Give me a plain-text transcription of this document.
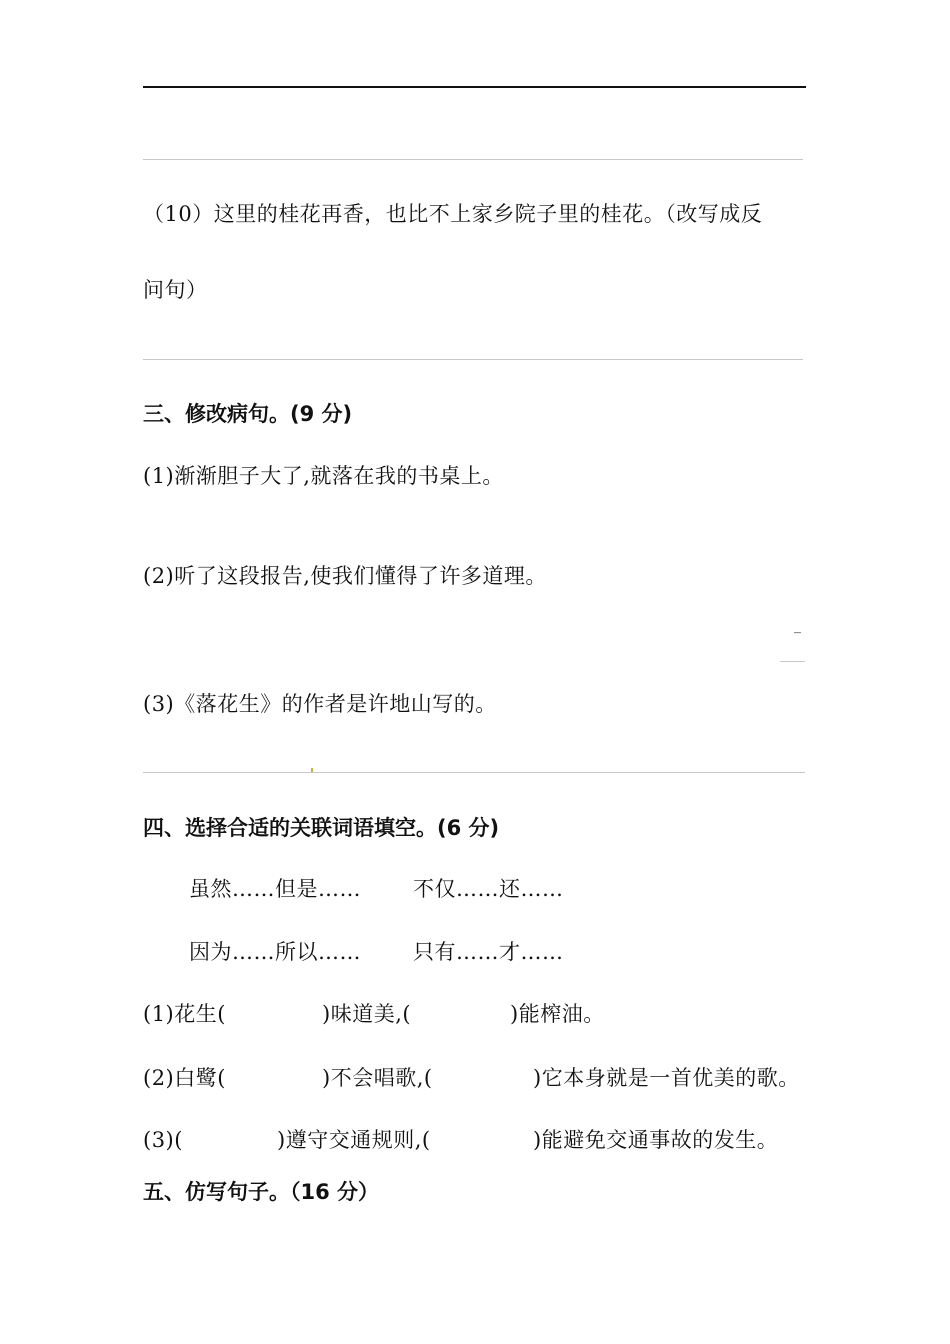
（10）这里的桂花再香，也比不上家乡院子里的桂花。（改写成反
问句）
三、修改病句。(9 分)
(1)渐渐胆子大了,就落在我的书桌上。
(2)听了这段报告,使我们懂得了许多道理。
_
(3)《落花生》的作者是许地山写的。
四、选择合适的关联词语填空。(6 分)
虽然……但是…… 不仅……还……
因为……所以…… 只有……才……
(1)花生(	)味道美,(	)能榨油。
(2)白鹭(	)不会唱歌,(	)它本身就是一首优美的歌。
(3)(	)遵守交通规则,(	)能避免交通事故的发生。
五、仿写句子。（16 分）
